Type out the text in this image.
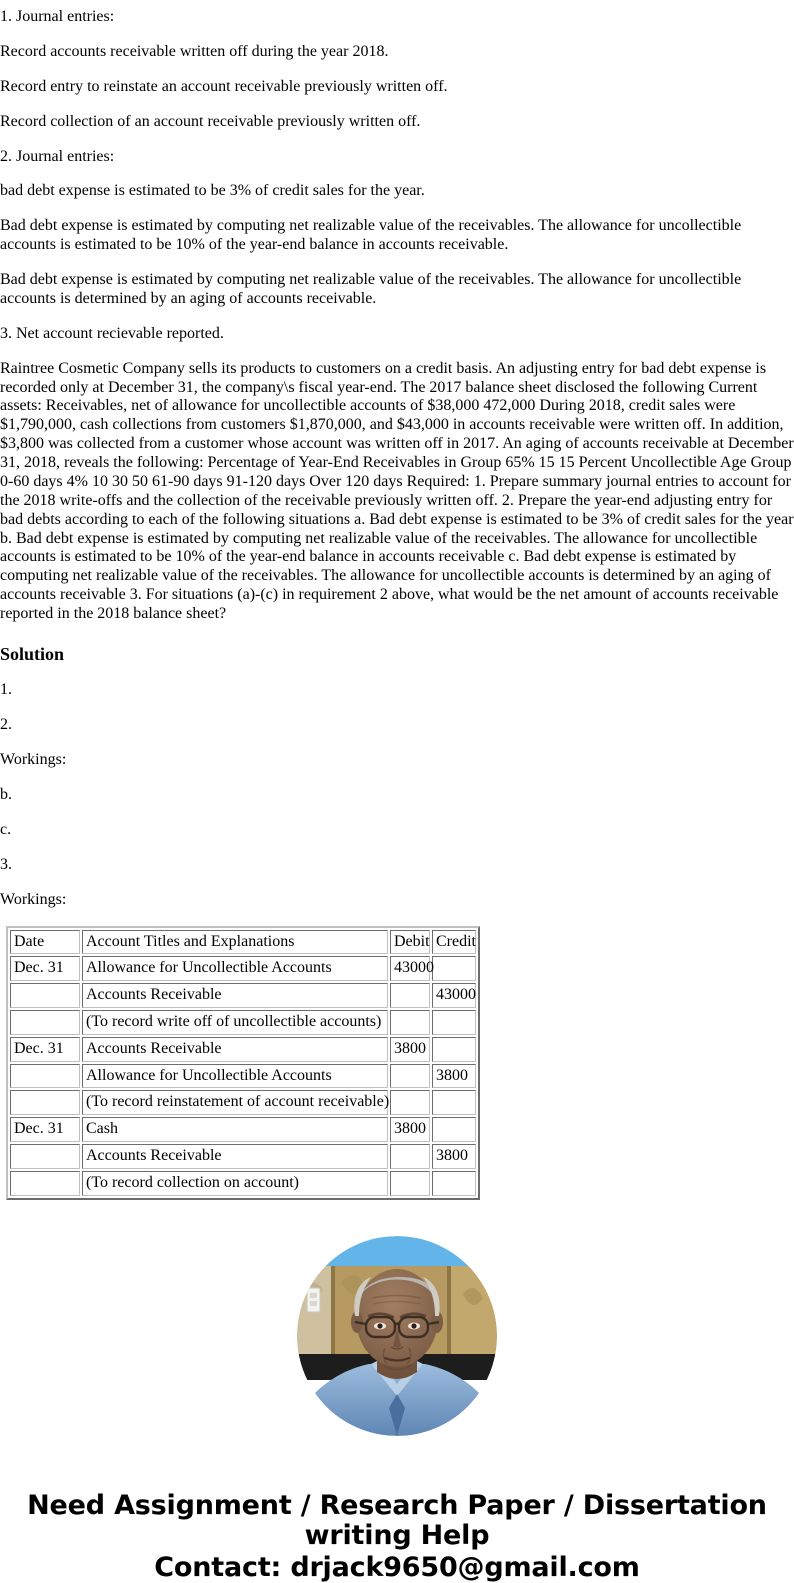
1. Journal entries:

Record accounts receivable written off during the year 2018.

Record entry to reinstate an account receivable previously written off.

Record collection of an account receivable previously written off.

2. Journal entries:

bad debt expense is estimated to be 3% of credit sales for the year.

Bad debt expense is estimated by computing net realizable value of the receivables. The allowance for uncollectible accounts is estimated to be 10% of the year-end balance in accounts receivable.

Bad debt expense is estimated by computing net realizable value of the receivables. The allowance for uncollectible accounts is determined by an aging of accounts receivable.

3. Net account recievable reported.

Raintree Cosmetic Company sells its products to customers on a credit basis. An adjusting entry for bad debt expense is recorded only at December 31, the company\s fiscal year-end. The 2017 balance sheet disclosed the following Current assets: Receivables, net of allowance for uncollectible accounts of $38,000 472,000 During 2018, credit sales were $1,790,000, cash collections from customers $1,870,000, and $43,000 in accounts receivable were written off. In addition, $3,800 was collected from a customer whose account was written off in 2017. An aging of accounts receivable at December 31, 2018, reveals the following: Percentage of Year-End Receivables in Group 65% 15 15 Percent Uncollectible Age Group 0-60 days 4% 10 30 50 61-90 days 91-120 days Over 120 days Required: 1. Prepare summary journal entries to account for the 2018 write-offs and the collection of the receivable previously written off. 2. Prepare the year-end adjusting entry for bad debts according to each of the following situations a. Bad debt expense is estimated to be 3% of credit sales for the year b. Bad debt expense is estimated by computing net realizable value of the receivables. The allowance for uncollectible accounts is estimated to be 10% of the year-end balance in accounts receivable c. Bad debt expense is estimated by computing net realizable value of the receivables. The allowance for uncollectible accounts is determined by an aging of accounts receivable 3. For situations (a)-(c) in requirement 2 above, what would be the net amount of accounts receivable reported in the 2018 balance sheet?

Solution

1.

2.

Workings:

b.

c.

3.

Workings:

Date	Account Titles and Explanations	Debit	Credit
Dec. 31	Allowance for Uncollectible Accounts	43000	
	Accounts Receivable		43000
	(To record write off of uncollectible accounts)		
Dec. 31	Accounts Receivable	3800	
	Allowance for Uncollectible Accounts		3800
	(To record reinstatement of account receivable)		
Dec. 31	Cash	3800	
	Accounts Receivable		3800
	(To record collection on account)		
Need Assignment / Research Paper / Dissertation writing Help
Contact: drjack9650@gmail.com
